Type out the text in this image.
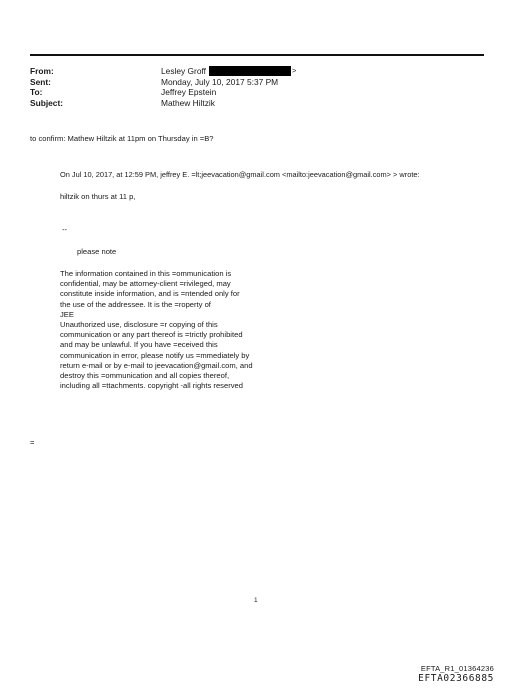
From:	Lesley Groff	>
Sent:	Monday, July 10, 2017 5:37 PM
To:	Jeffrey Epstein
Subject:	Mathew Hiltzik
to confirm: Mathew Hiltzik at 11pm on Thursday in =B?
On Jul 10, 2017, at 12:59 PM, jeffrey E. =lt;jeevacation@gmail.com <mailto:jeevacation@gmail.com> > wrote:
hiltzik on thurs at 11 p,
--
please note
The information contained in this =ommunication is
confidential, may be attorney-client =rivileged, may
constitute inside information, and is =ntended only for
the use of the addressee. It is the =roperty of
JEE
Unauthorized use, disclosure =r copying of this
communication or any part thereof is =trictly prohibited
and may be unlawful. If you have =eceived this
communication in error, please notify us =mmediately by
return e-mail or by e-mail to jeevacation@gmail.com, and
destroy this =ommunication and all copies thereof,
including all =ttachments. copyright -all rights reserved
=
1
EFTA_R1_01364236
EFTA02366885
